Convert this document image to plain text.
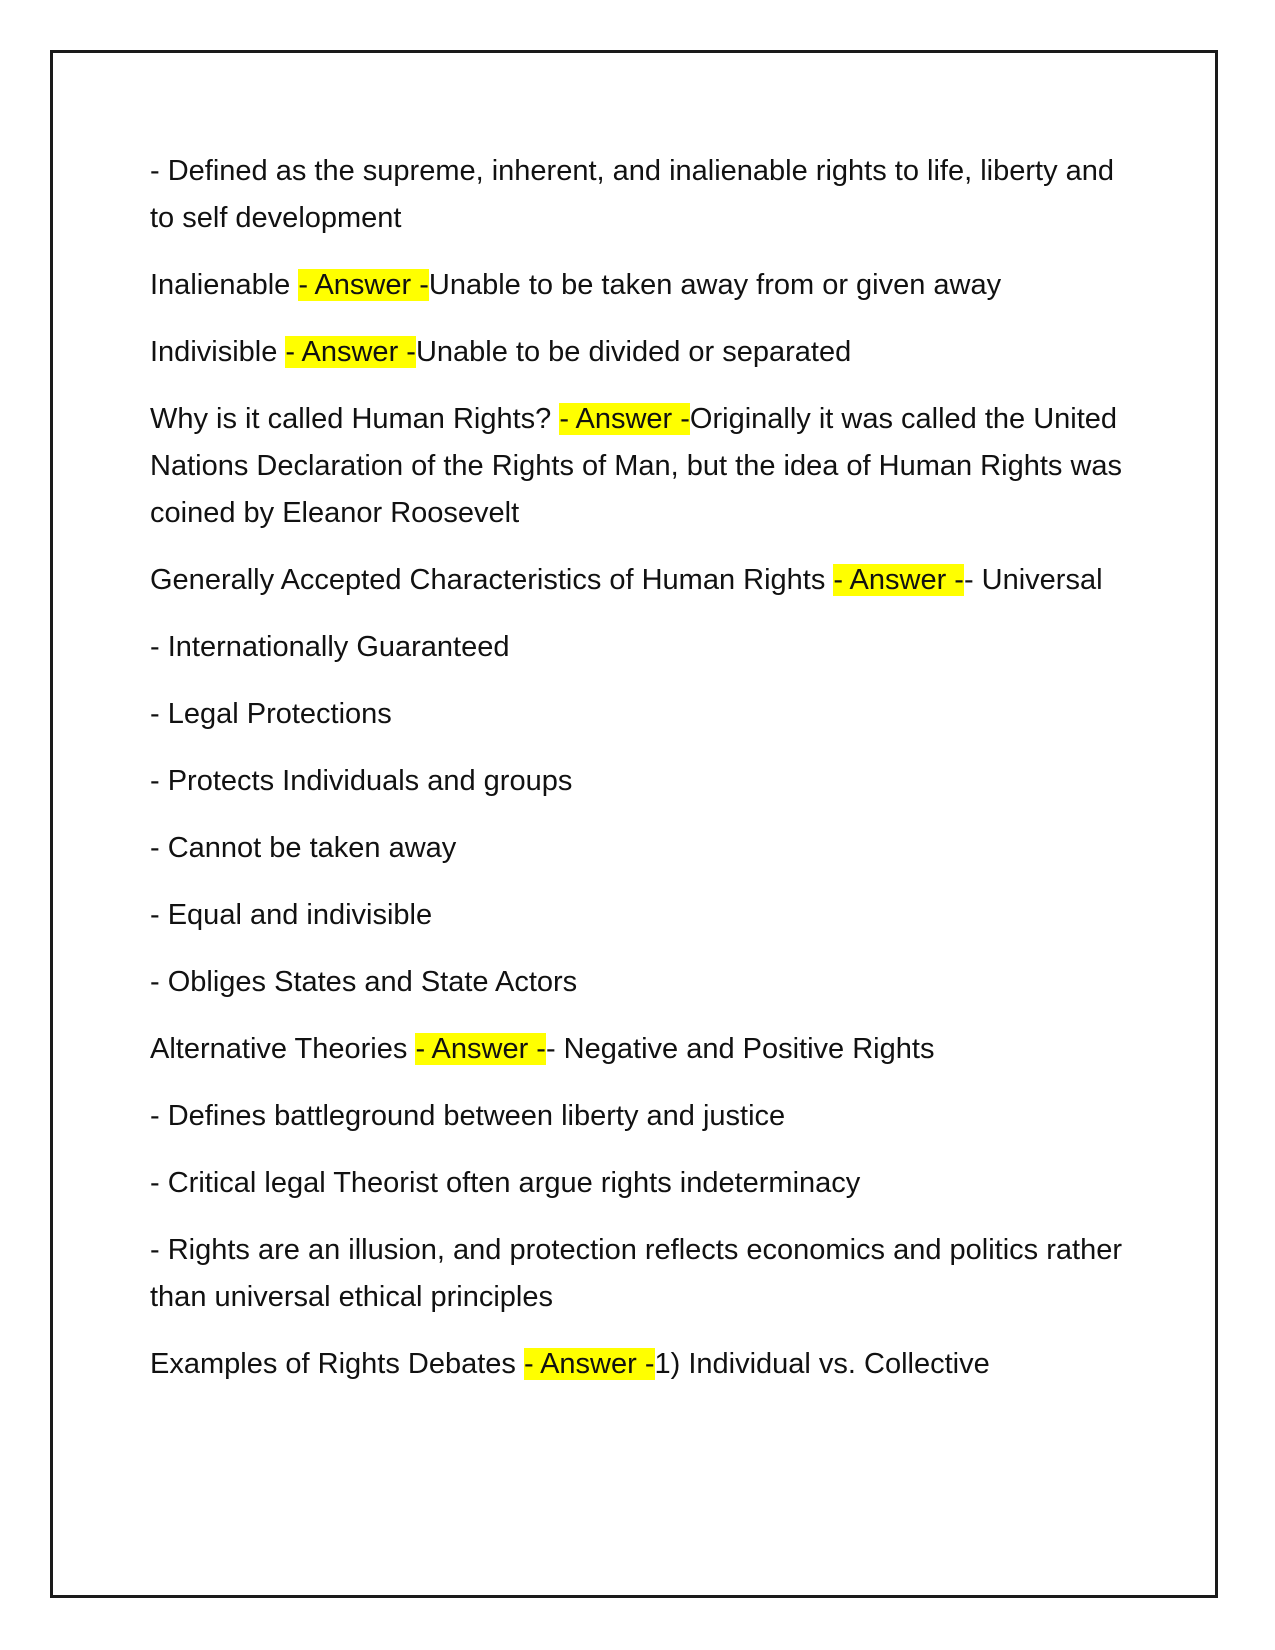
- Defined as the supreme, inherent, and inalienable rights to life, liberty and to self development

Inalienable - Answer -Unable to be taken away from or given away

Indivisible - Answer -Unable to be divided or separated

Why is it called Human Rights? - Answer -Originally it was called the United Nations Declaration of the Rights of Man, but the idea of Human Rights was coined by Eleanor Roosevelt

Generally Accepted Characteristics of Human Rights - Answer -- Universal

- Internationally Guaranteed

- Legal Protections

- Protects Individuals and groups

- Cannot be taken away

- Equal and indivisible

- Obliges States and State Actors

Alternative Theories - Answer -- Negative and Positive Rights

- Defines battleground between liberty and justice

- Critical legal Theorist often argue rights indeterminacy

- Rights are an illusion, and protection reflects economics and politics rather than universal ethical principles

Examples of Rights Debates - Answer -1) Individual vs. Collective
